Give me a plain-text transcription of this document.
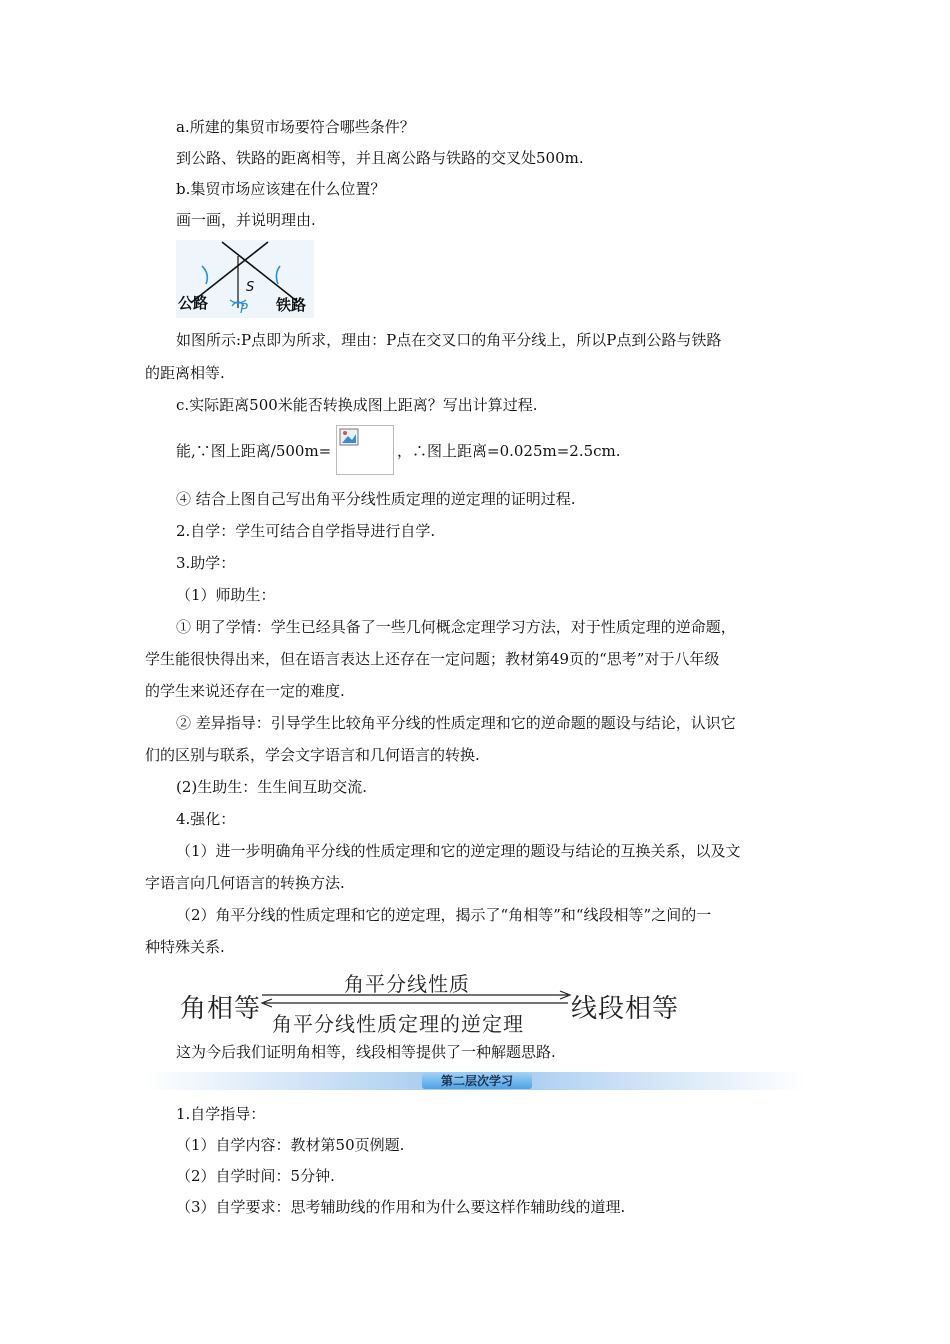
a.所建的集贸市场要符合哪些条件？
到公路、铁路的距离相等，并且离公路与铁路的交叉处500m.
b.集贸市场应该建在什么位置？
画一画，并说明理由.
公路	铁路
S
P
如图所示:P点即为所求，理由：P点在交叉口的角平分线上，所以P点到公路与铁路
的距离相等.
c.实际距离500米能否转换成图上距离？写出计算过程.
能,∵图上距离/500m=	，∴图上距离=0.025m=2.5cm.
④ 结合上图自己写出角平分线性质定理的逆定理的证明过程.
2.自学：学生可结合自学指导进行自学.
3.助学：
（1）师助生：
① 明了学情：学生已经具备了一些几何概念定理学习方法，对于性质定理的逆命题，
学生能很快得出来，但在语言表达上还存在一定问题；教材第49页的“思考”对于八年级
的学生来说还存在一定的难度.
② 差异指导：引导学生比较角平分线的性质定理和它的逆命题的题设与结论，认识它
们的区别与联系，学会文字语言和几何语言的转换.
(2)生助生：生生间互助交流.
4.强化：
（1）进一步明确角平分线的性质定理和它的逆定理的题设与结论的互换关系，以及文
字语言向几何语言的转换方法.
（2）角平分线的性质定理和它的逆定理，揭示了“角相等”和“线段相等”之间的一
种特殊关系.
角相等
角平分线性质
线段相等
角平分线性质定理的逆定理
这为今后我们证明角相等，线段相等提供了一种解题思路.
第二层次学习
1.自学指导：
（1）自学内容：教材第50页例题.
（2）自学时间：5分钟.
（3）自学要求：思考辅助线的作用和为什么要这样作辅助线的道理.
